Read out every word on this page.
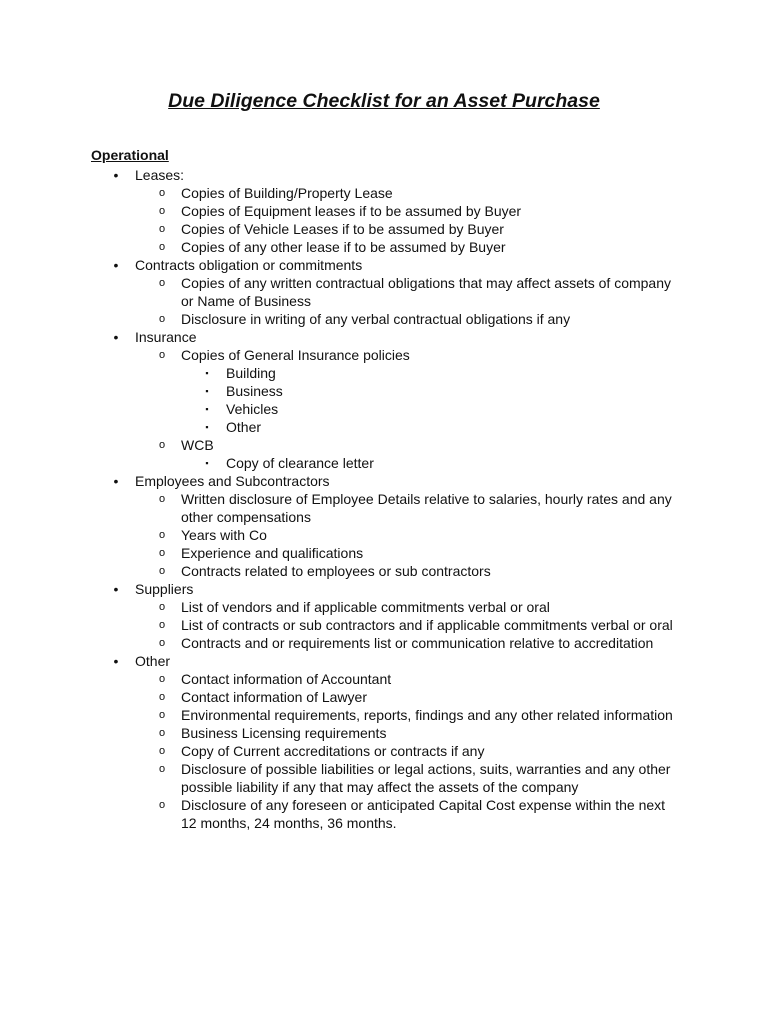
Due Diligence Checklist for an Asset Purchase
Operational
•	Leases:
o Copies of Building/Property Lease
o Copies of Equipment leases if to be assumed by Buyer
o Copies of Vehicle Leases if to be assumed by Buyer
o Copies of any other lease if to be assumed by Buyer
•	Contracts obligation or commitments
o Copies of any written contractual obligations that may affect assets of company or Name of Business
o Disclosure in writing of any verbal contractual obligations if any
•	Insurance
o Copies of General Insurance policies
▪	Building
▪	Business
▪	Vehicles
▪	Other
o WCB
▪	Copy of clearance letter
•	Employees and Subcontractors
o Written disclosure of Employee Details relative to salaries, hourly rates and any other compensations
o Years with Co
o Experience and qualifications
o Contracts related to employees or sub contractors
•	Suppliers
o List of vendors and if applicable commitments verbal or oral
o List of contracts or sub contractors and if applicable commitments verbal or oral
o Contracts and or requirements list or communication relative to accreditation
•	Other
o Contact information of Accountant
o Contact information of Lawyer
o Environmental requirements, reports, findings and any other related information
o Business Licensing requirements
o Copy of Current accreditations or contracts if any
o Disclosure of possible liabilities or legal actions, suits, warranties and any other possible liability if any that may affect the assets of the company
o Disclosure of any foreseen or anticipated Capital Cost expense within the next 12 months, 24 months, 36 months.
